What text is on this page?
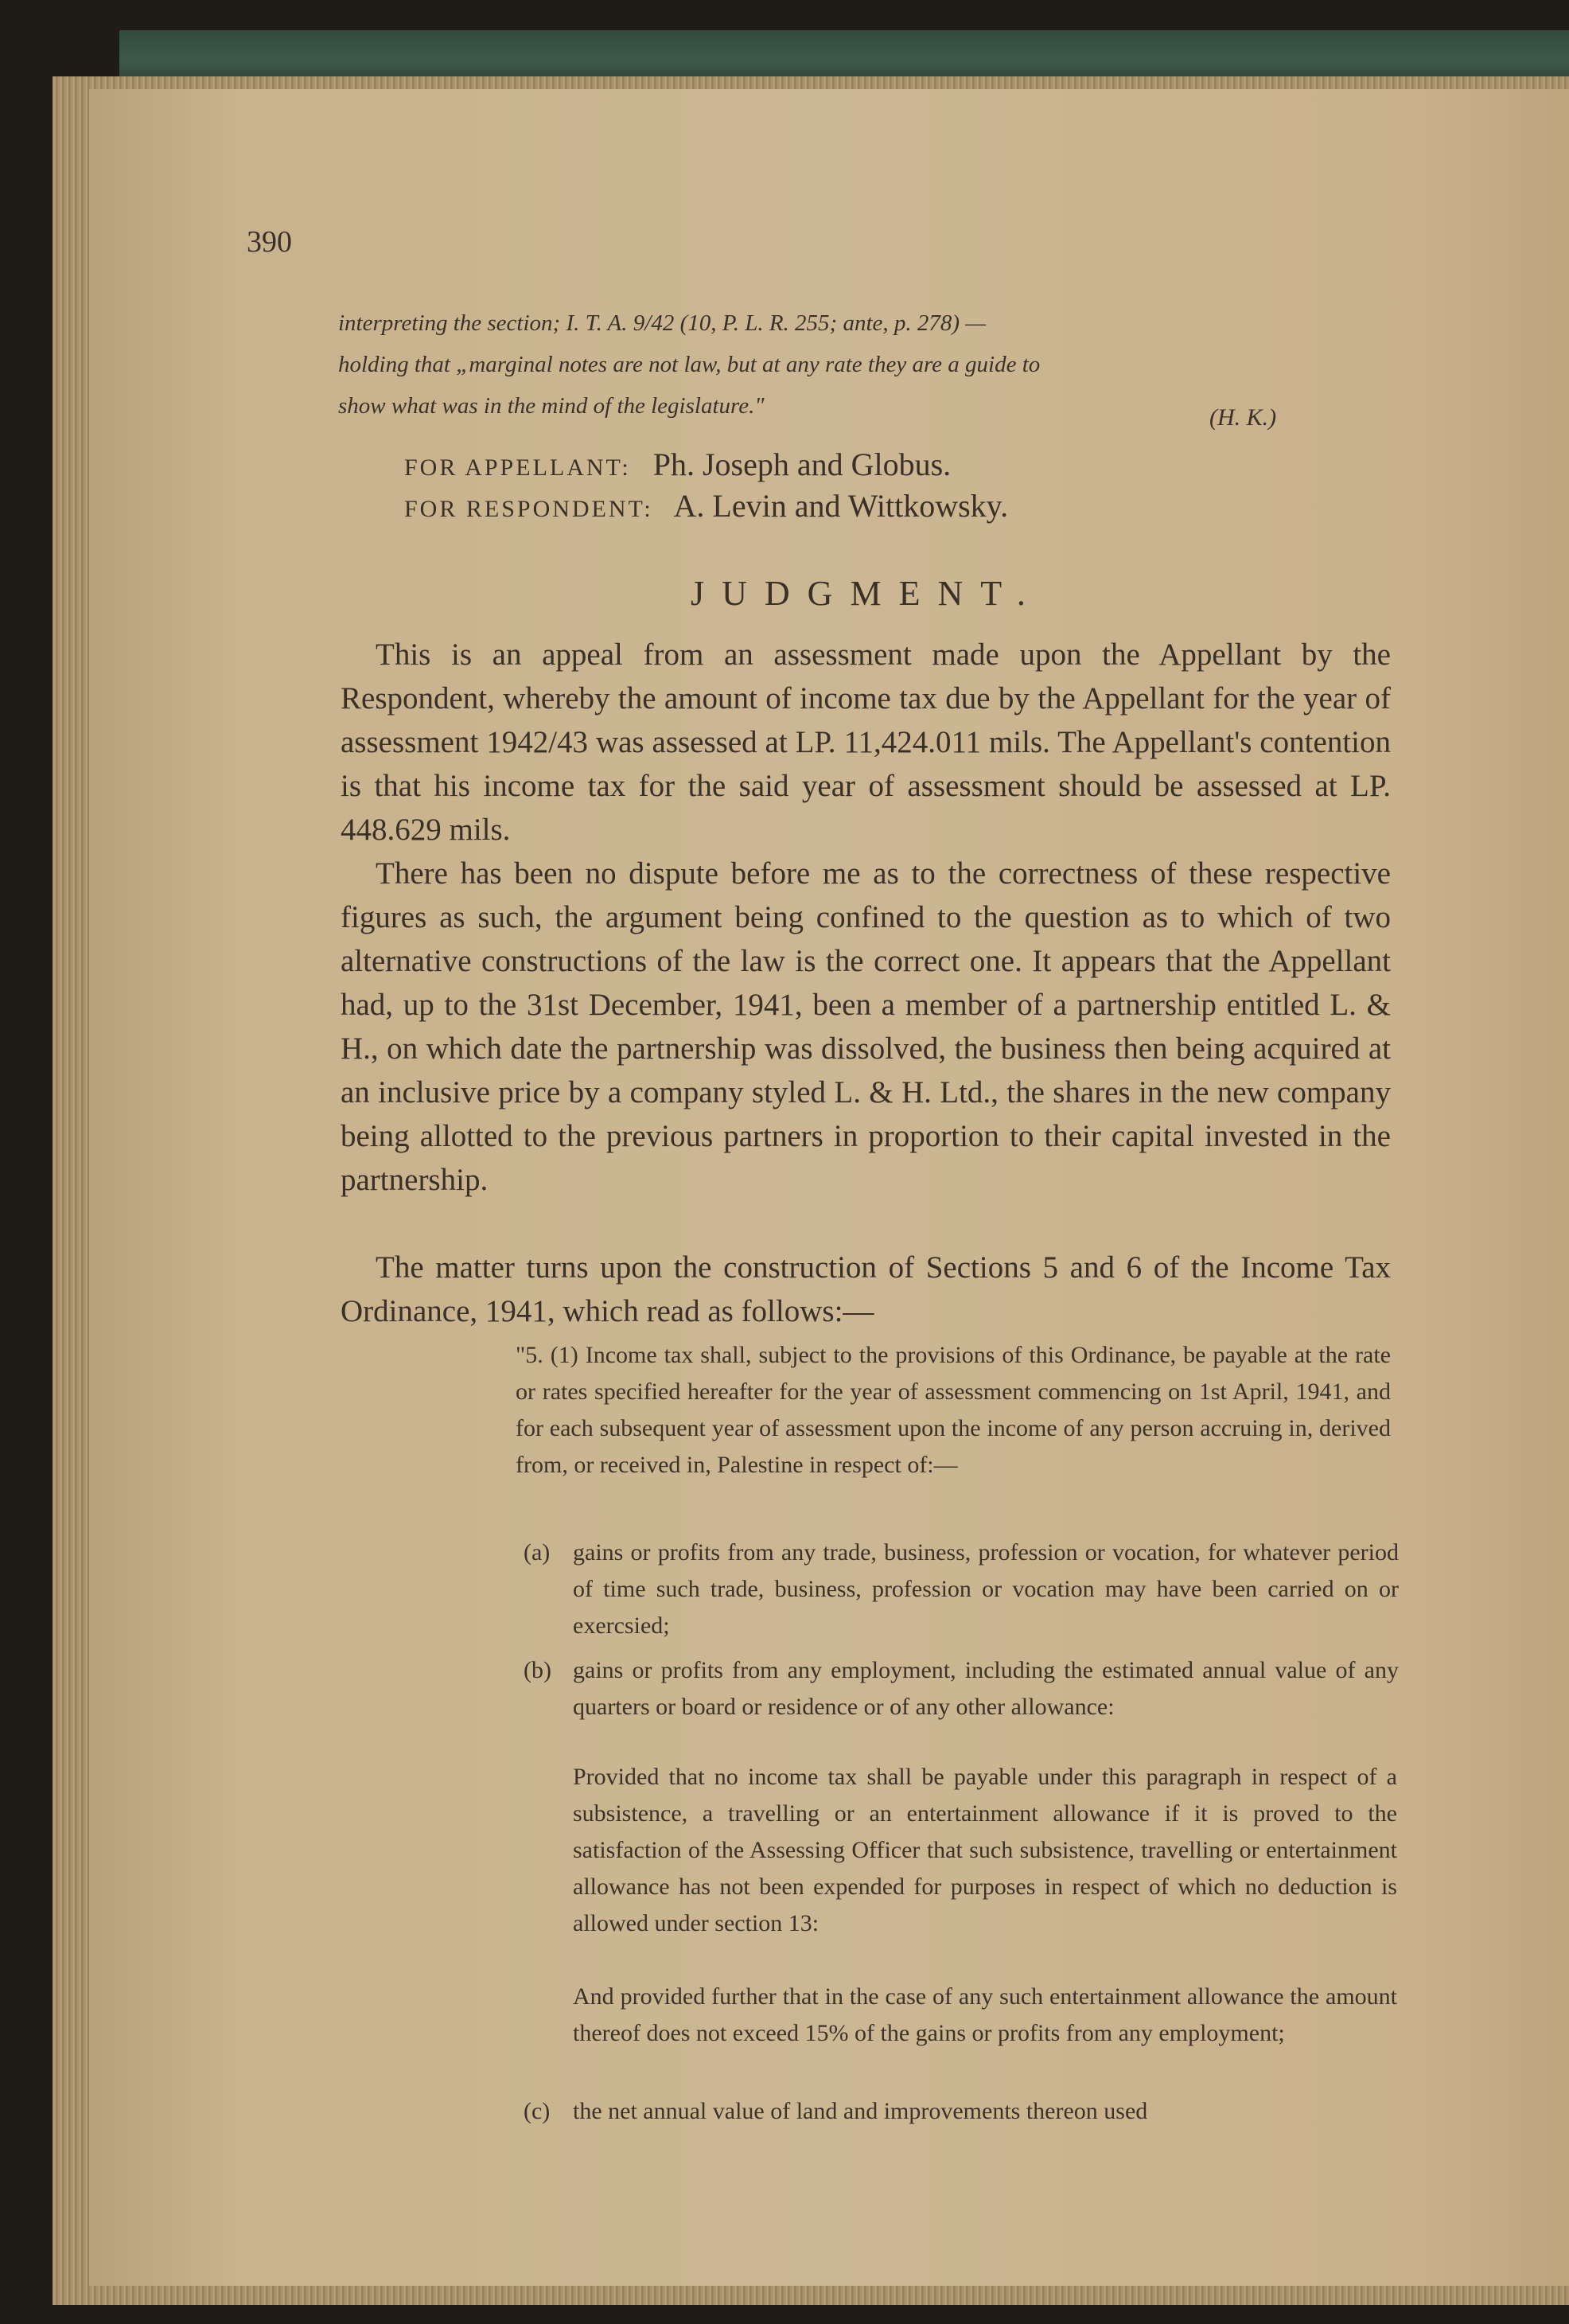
390
interpreting the section; I. T. A. 9/42 (10, P. L. R. 255; ante, p. 278) —
holding that „marginal notes are not law, but at any rate they are a guide to
show what was in the mind of the legislature."	(H. K.)
FOR APPELLANT: Ph. Joseph and Globus.
FOR RESPONDENT: A. Levin and Wittkowsky.
JUDGMENT.
This is an appeal from an assessment made upon the Appellant by the Respondent, whereby the amount of income tax due by the Appellant for the year of assessment 1942/43 was assessed at LP. 11,424.011 mils. The Appellant's contention is that his income tax for the said year of assessment should be assessed at LP. 448.629 mils.
There has been no dispute before me as to the correctness of these respective figures as such, the argument being confined to the question as to which of two alternative constructions of the law is the correct one. It appears that the Appellant had, up to the 31st December, 1941, been a member of a partnership entitled L. & H., on which date the partnership was dissolved, the business then being acquired at an inclusive price by a company styled L. & H. Ltd., the shares in the new company being allotted to the previous partners in proportion to their capital invested in the partnership.
The matter turns upon the construction of Sections 5 and 6 of the Income Tax Ordinance, 1941, which read as follows:—
"5. (1) Income tax shall, subject to the provisions of this Ordinance, be payable at the rate or rates specified hereafter for the year of assessment commencing on 1st April, 1941, and for each subsequent year of assessment upon the income of any person accruing in, derived from, or received in, Palestine in respect of:—
(a) gains or profits from any trade, business, profession or vocation, for whatever period of time such trade, business, profession or vocation may have been carried on or exercsied;
(b) gains or profits from any employment, including the estimated annual value of any quarters or board or residence or of any other allowance:
Provided that no income tax shall be payable under this paragraph in respect of a subsistence, a travelling or an entertainment allowance if it is proved to the satisfaction of the Assessing Officer that such subsistence, travelling or entertainment allowance has not been expended for purposes in respect of which no deduction is allowed under section 13:
And provided further that in the case of any such entertainment allowance the amount thereof does not exceed 15% of the gains or profits from any employment;
(c) the net annual value of land and improvements thereon used
